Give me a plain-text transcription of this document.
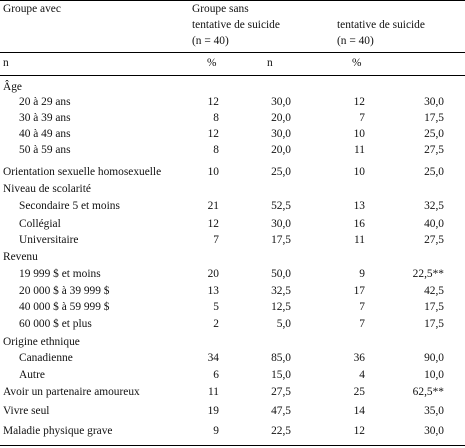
Groupe avec	Groupe sans
tentative de suicide
(n = 40)
tentative de suicide
(n = 40)
n	%	n	%
Âge
20 à 29 ans	12	30,0	12	30,0
30 à 39 ans	8	20,0	7	17,5
40 à 49 ans	12	30,0	10	25,0
50 à 59 ans	8	20,0	11	27,5
Orientation sexuelle homosexuelle	10	25,0	10	25,0
Niveau de scolarité
Secondaire 5 et moins	21	52,5	13	32,5
Collégial	12	30,0	16	40,0
Universitaire	7	17,5	11	27,5
Revenu
19 999 $ et moins	20	50,0	9	22,5**
20 000 $ à 39 999 $	13	32,5	17	42,5
40 000 $ à 59 999 $	5	12,5	7	17,5
60 000 $ et plus	2	5,0	7	17,5
Origine ethnique
Canadienne	34	85,0	36	90,0
Autre	6	15,0	4	10,0
Avoir un partenaire amoureux	11	27,5	25	62,5**
Vivre seul	19	47,5	14	35,0
Maladie physique grave	9	22,5	12	30,0
